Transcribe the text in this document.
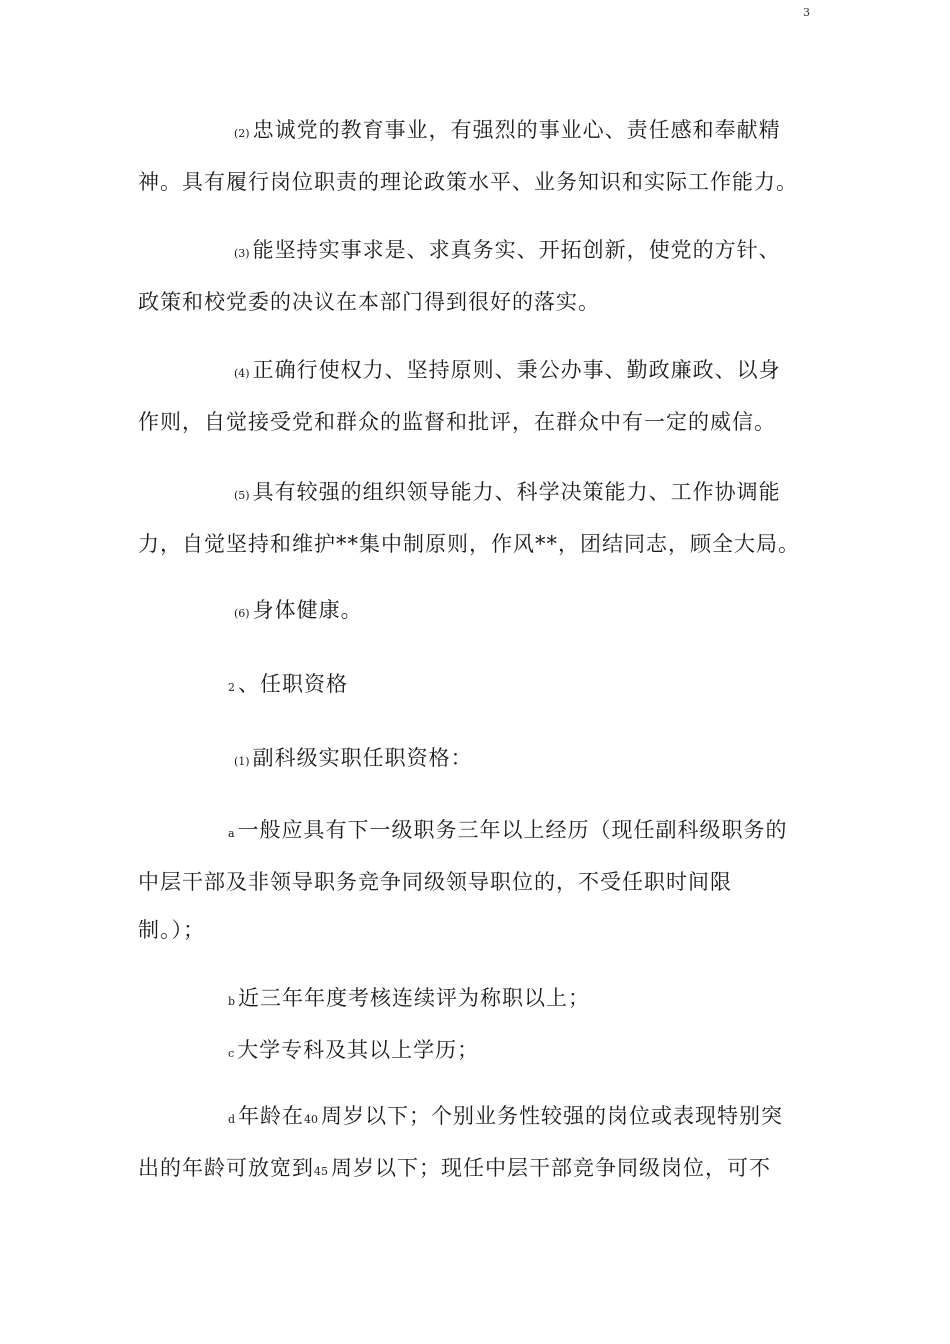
3
(2) 忠诚党的教育事业，有强烈的事业心、责任感和奉献精
神。具有履行岗位职责的理论政策水平、业务知识和实际工作能力。
(3) 能坚持实事求是、求真务实、开拓创新，使党的方针、
政策和校党委的决议在本部门得到很好的落实。
(4) 正确行使权力、坚持原则、秉公办事、勤政廉政、以身
作则，自觉接受党和群众的监督和批评，在群众中有一定的威信。
(5) 具有较强的组织领导能力、科学决策能力、工作协调能
力，自觉坚持和维护**集中制原则，作风**，团结同志，顾全大局。
(6) 身体健康。
2 、任职资格
(1) 副科级实职任职资格：
a 一般应具有下一级职务三年以上经历（现任副科级职务的
中层干部及非领导职务竞争同级领导职位的，不受任职时间限
制。）；
b 近三年年度考核连续评为称职以上；
c 大学专科及其以上学历；
d 年龄在40 周岁以下；个别业务性较强的岗位或表现特别突
出的年龄可放宽到45 周岁以下；现任中层干部竞争同级岗位，可不
